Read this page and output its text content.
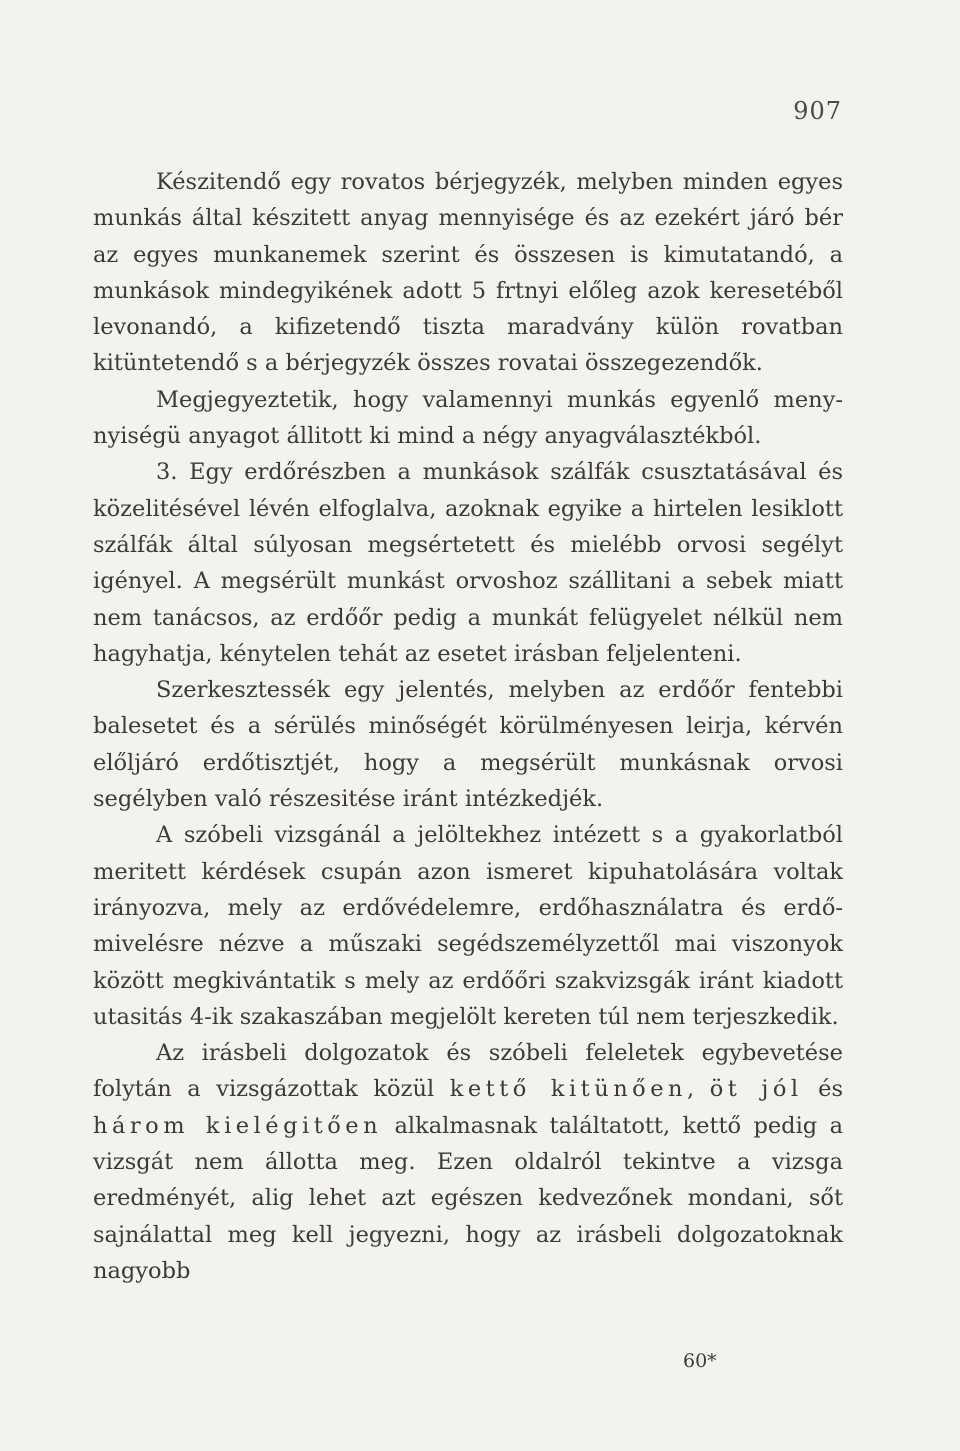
907

Készitendő egy rovatos bérjegyzék, melyben minden egyes munkás által készitett anyag mennyisége és az ezekért járó bér az egyes munkanemek szerint és összesen is kimutatandó, a munkások mindegyikének adott 5 frtnyi előleg azok keresetéből levonandó, a kifizetendő tiszta maradvány külön rovatban kitüntetendő s a bérjegyzék összes rovatai összegezendők.

Megjegyeztetik, hogy valamennyi munkás egyenlő menynyiségü anyagot állitott ki mind a négy anyagválasztékból.

3. Egy erdőrészben a munkások szálfák csusztatásával és közelitésével lévén elfoglalva, azoknak egyike a hirtelen lesiklott szálfák által súlyosan megsértetett és mielébb orvosi segélyt igényel. A megsérült munkást orvoshoz szállitani a sebek miatt nem tanácsos, az erdőőr pedig a munkát felügyelet nélkül nem hagyhatja, kénytelen tehát az esetet irásban feljelenteni.

Szerkesztessék egy jelentés, melyben az erdőőr fentebbi balesetet és a sérülés minőségét körülményesen leirja, kérvén előljáró erdőtisztjét, hogy a megsérült munkásnak orvosi segélyben való részesitése iránt intézkedjék.

A szóbeli vizsgánál a jelöltekhez intézett s a gyakorlatból meritett kérdések csupán azon ismeret kipuhatolására voltak irányozva, mely az erdővédelemre, erdőhasználatra és erdőmivelésre nézve a műszaki segédszemélyzettől mai viszonyok között megkivántatik s mely az erdőőri szakvizsgák iránt kiadott utasitás 4-ik szakaszában megjelölt kereten túl nem terjeszkedik.

Az irásbeli dolgozatok és szóbeli feleletek egybevetése folytán a vizsgázottak közül kettő kitünően, öt jól és három kielégitően alkalmasnak találtatott, kettő pedig a vizsgát nem állotta meg. Ezen oldalról tekintve a vizsga eredményét, alig lehet azt egészen kedvezőnek mondani, sőt sajnálattal meg kell jegyezni, hogy az irásbeli dolgozatoknak nagyobb

60*
